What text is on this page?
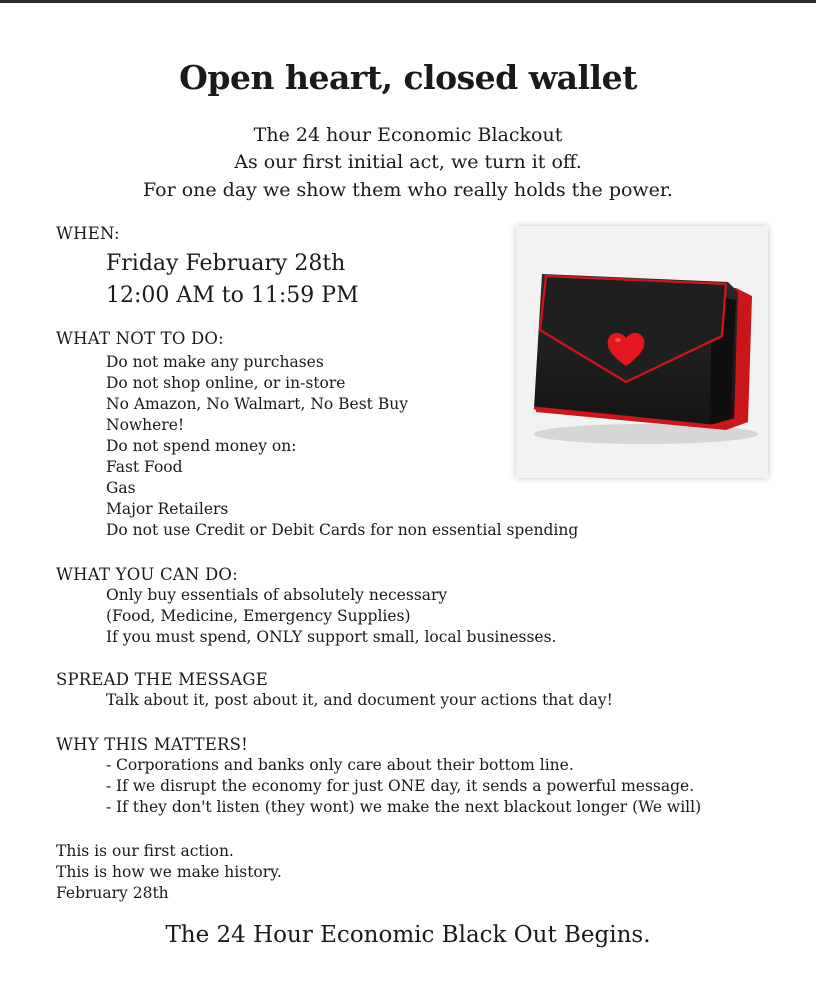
Open heart, closed wallet

The 24 hour Economic Blackout

As our first initial act, we turn it off.

For one day we show them who really holds the power.

WHEN:

Friday February 28th

12:00 AM to 11:59 PM

WHAT NOT TO DO:

Do not make any purchases

Do not shop online, or in-store

No Amazon, No Walmart, No Best Buy

Nowhere!

Do not spend money on:

Fast Food

Gas

Major Retailers

Do not use Credit or Debit Cards for non essential spending

WHAT YOU CAN DO:

Only buy essentials of absolutely necessary

(Food, Medicine, Emergency Supplies)

If you must spend, ONLY support small, local businesses.

SPREAD THE MESSAGE

Talk about it, post about it, and document your actions that day!

WHY THIS MATTERS!

- Corporations and banks only care about their bottom line.

- If we disrupt the economy for just ONE day, it sends a powerful message.

- If they don't listen (they wont) we make the next blackout longer (We will)

This is our first action.

This is how we make history.

February 28th

The 24 Hour Economic Black Out Begins.
